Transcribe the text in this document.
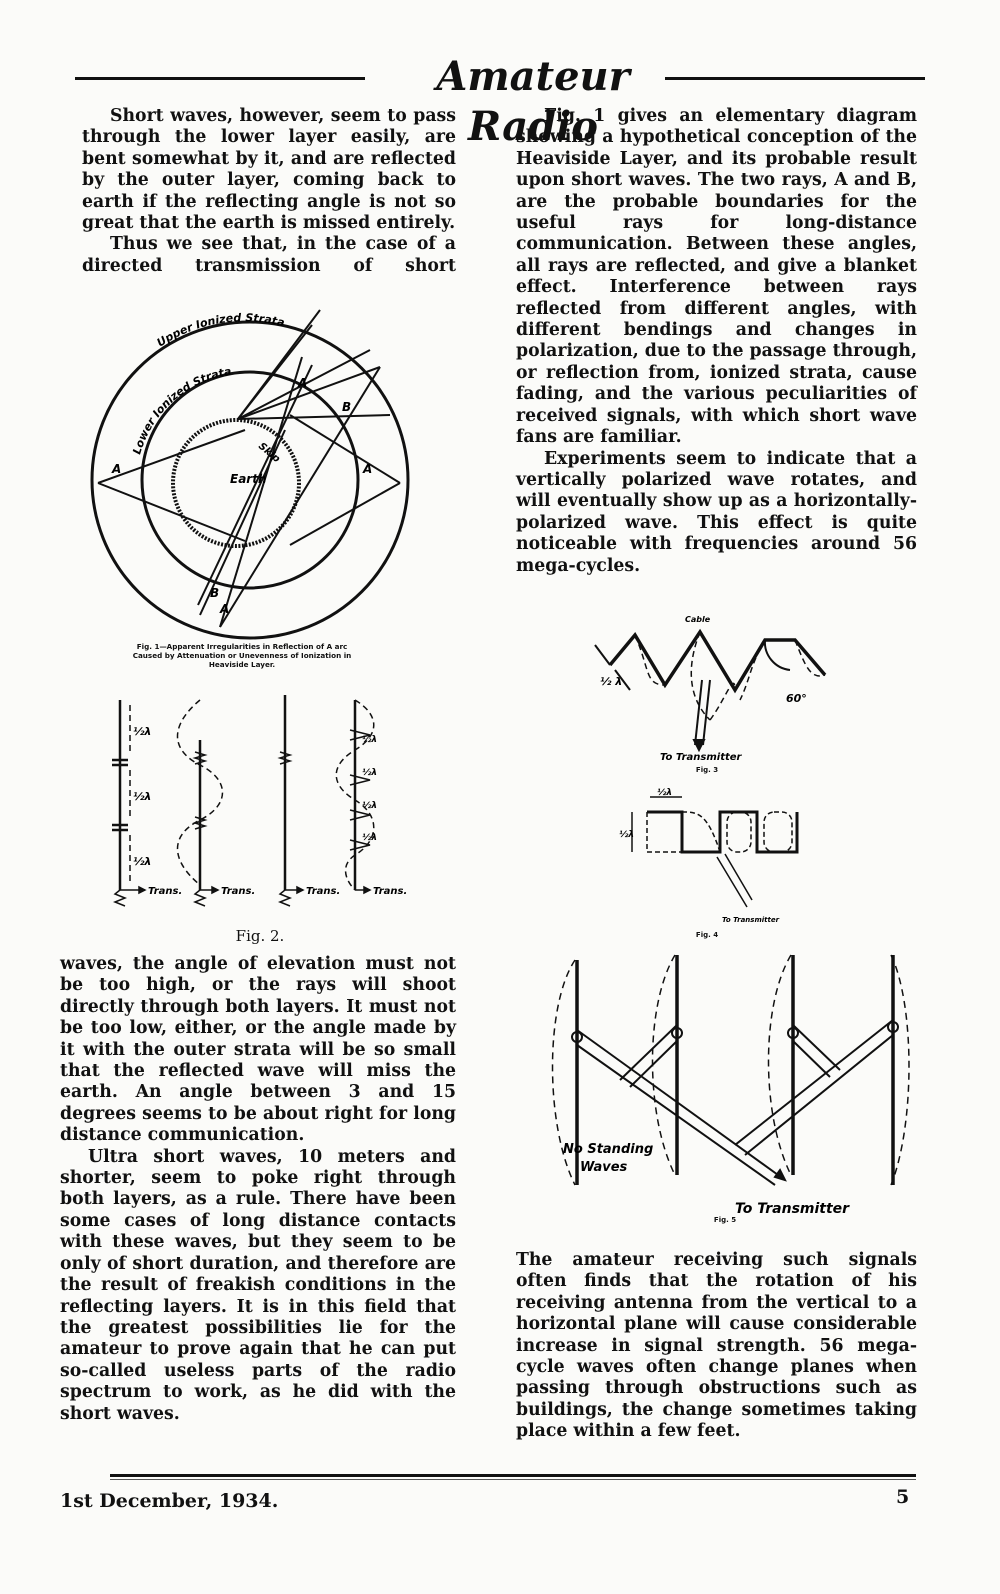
Amateur Radio

Short waves, however, seem to pass through the lower layer easily, are bent somewhat by it, and are reflected by the outer layer, coming back to earth if the reflecting angle is not so great that the earth is missed entirely.

Thus we see that, in the case of a directed transmission of short

Upper Ionized Strata
Lower Ionized Strata
Earth
Skip
A	A
A
B
B
A
Fig. 1—Apparent Irregularities in Reflection of A arc
Caused by Attenuation or Unevenness of Ionization in
Heaviside Layer.
½λ
½λ
½λ
½λ
½λ
½λ
½λ
Trans.	Trans.	Trans.	Trans.
Fig. 2.

waves, the angle of elevation must not be too high, or the rays will shoot directly through both layers. It must not be too low, either, or the angle made by it with the outer strata will be so small that the reflected wave will miss the earth. An angle between 3 and 15 degrees seems to be about right for long distance communication.

Ultra short waves, 10 meters and shorter, seem to poke right through both layers, as a rule. There have been some cases of long distance contacts with these waves, but they seem to be only of short duration, and therefore are the result of freakish conditions in the reflecting layers. It is in this field that the greatest possibilities lie for the amateur to prove again that he can put so-called useless parts of the radio spectrum to work, as he did with the short waves.

Fig. 1 gives an elementary diagram showing a hypothetical conception of the Heaviside Layer, and its probable result upon short waves. The two rays, A and B, are the probable boundaries for the useful rays for long-distance communication. Between these angles, all rays are reflected, and give a blanket effect. Interference between rays reflected from different angles, with different bendings and changes in polarization, due to the passage through, or reflection from, ionized strata, cause fading, and the various peculiarities of received signals, with which short wave fans are familiar.

Experiments seem to indicate that a vertically polarized wave rotates, and will eventually show up as a horizontally-polarized wave. This effect is quite noticeable with frequencies around 56 mega-cycles.

Cable
½ λ
60°
To Transmitter
Fig. 3
½λ
½λ
To Transmitter
Fig. 4
No Standing
Waves
To Transmitter
Fig. 5

The amateur receiving such signals often finds that the rotation of his receiving antenna from the vertical to a horizontal plane will cause considerable increase in signal strength. 56 mega-cycle waves often change planes when passing through obstructions such as buildings, the change sometimes taking place within a few feet.

1st December, 1934.	5
